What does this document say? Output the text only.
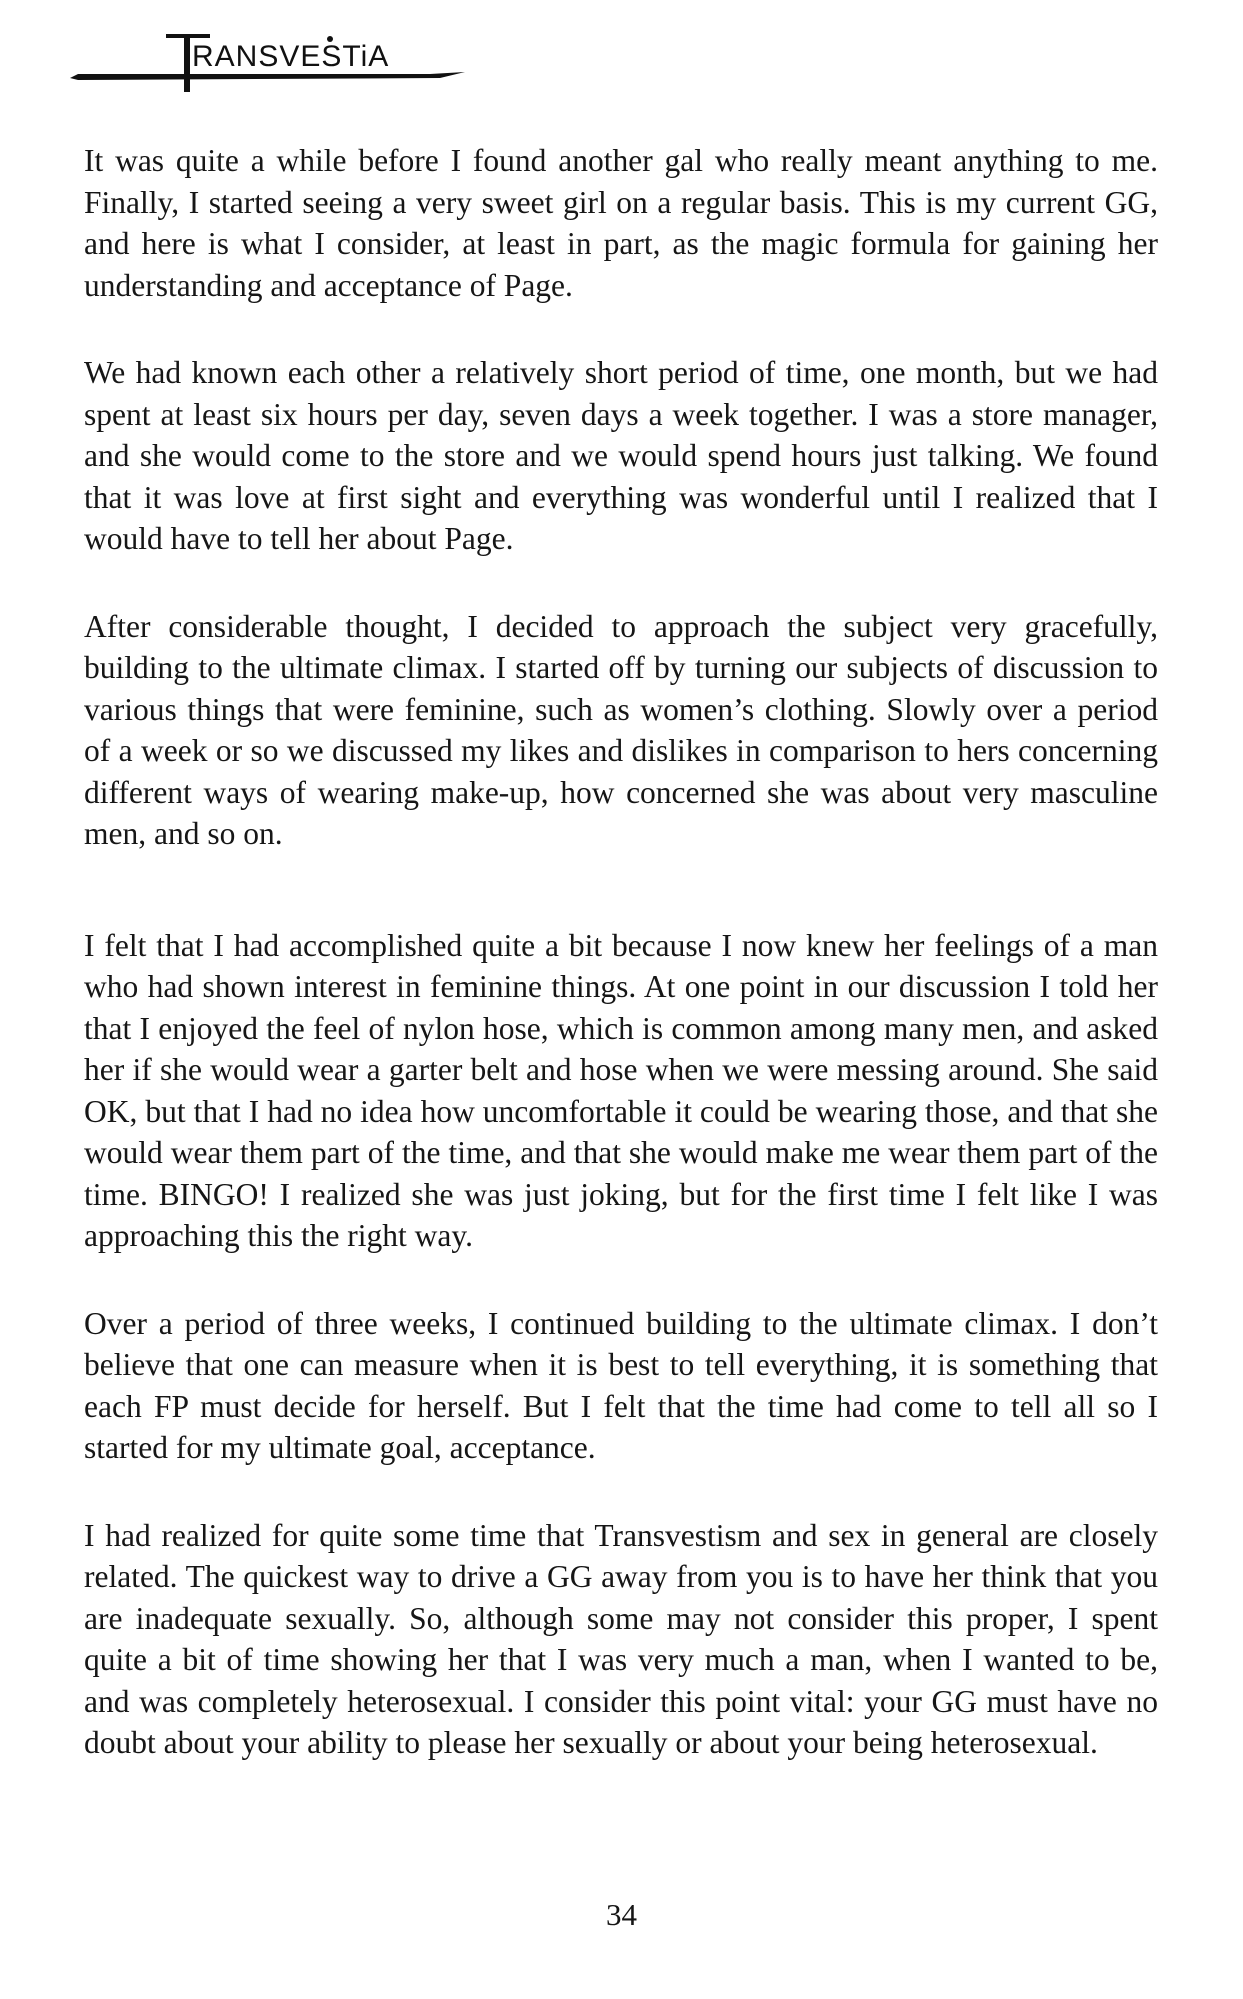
RANSVESTiA

It was quite a while before I found another gal who really meant anything to me. Finally, I started seeing a very sweet girl on a regular basis. This is my current GG, and here is what I consider, at least in part, as the magic formula for gaining her understanding and acceptance of Page.

We had known each other a relatively short period of time, one month, but we had spent at least six hours per day, seven days a week together. I was a store manager, and she would come to the store and we would spend hours just talking. We found that it was love at first sight and everything was wonderful until I realized that I would have to tell her about Page.

After considerable thought, I decided to approach the subject very gracefully, building to the ultimate climax. I started off by turning our subjects of discussion to various things that were feminine, such as women’s clothing. Slowly over a period of a week or so we discussed my likes and dislikes in comparison to hers concerning different ways of wearing make-up, how concerned she was about very masculine men, and so on.

I felt that I had accomplished quite a bit because I now knew her feelings of a man who had shown interest in feminine things. At one point in our discussion I told her that I enjoyed the feel of nylon hose, which is common among many men, and asked her if she would wear a garter belt and hose when we were messing around. She said OK, but that I had no idea how uncomfortable it could be wearing those, and that she would wear them part of the time, and that she would make me wear them part of the time. BINGO! I realized she was just joking, but for the first time I felt like I was approaching this the right way.

Over a period of three weeks, I continued building to the ultimate climax. I don’t believe that one can measure when it is best to tell everything, it is something that each FP must decide for herself. But I felt that the time had come to tell all so I started for my ultimate goal, acceptance.

I had realized for quite some time that Transvestism and sex in general are closely related. The quickest way to drive a GG away from you is to have her think that you are inadequate sexually. So, although some may not consider this proper, I spent quite a bit of time showing her that I was very much a man, when I wanted to be, and was completely heterosexual. I consider this point vital: your GG must have no doubt about your ability to please her sexually or about your being heterosexual.

34
